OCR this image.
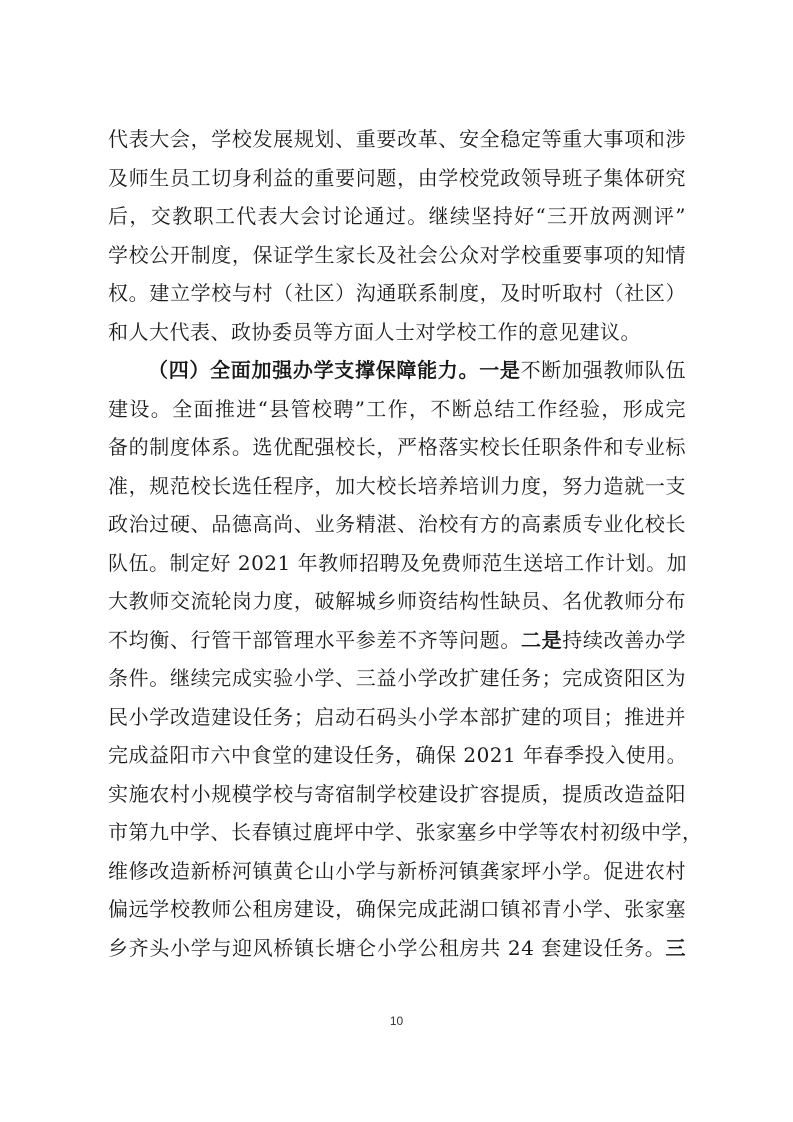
代表大会，学校发展规划、重要改革、安全稳定等重大事项和涉
及师生员工切身利益的重要问题，由学校党政领导班子集体研究
后，交教职工代表大会讨论通过。继续坚持好“三开放两测评”
学校公开制度，保证学生家长及社会公众对学校重要事项的知情
权。建立学校与村（社区）沟通联系制度，及时听取村（社区）
和人大代表、政协委员等方面人士对学校工作的意见建议。
（四）全面加强办学支撑保障能力。一是不断加强教师队伍
建设。全面推进“县管校聘”工作，不断总结工作经验，形成完
备的制度体系。选优配强校长，严格落实校长任职条件和专业标
准，规范校长选任程序，加大校长培养培训力度，努力造就一支
政治过硬、品德高尚、业务精湛、治校有方的高素质专业化校长
队伍。制定好 2021 年教师招聘及免费师范生送培工作计划。加
大教师交流轮岗力度，破解城乡师资结构性缺员、名优教师分布
不均衡、行管干部管理水平参差不齐等问题。二是持续改善办学
条件。继续完成实验小学、三益小学改扩建任务；完成资阳区为
民小学改造建设任务；启动石码头小学本部扩建的项目；推进并
完成益阳市六中食堂的建设任务，确保 2021 年春季投入使用。
实施农村小规模学校与寄宿制学校建设扩容提质，提质改造益阳
市第九中学、长春镇过鹿坪中学、张家塞乡中学等农村初级中学，
维修改造新桥河镇黄仑山小学与新桥河镇龚家坪小学。促进农村
偏远学校教师公租房建设，确保完成茈湖口镇祁青小学、张家塞
乡齐头小学与迎风桥镇长塘仑小学公租房共 24 套建设任务。三
10
